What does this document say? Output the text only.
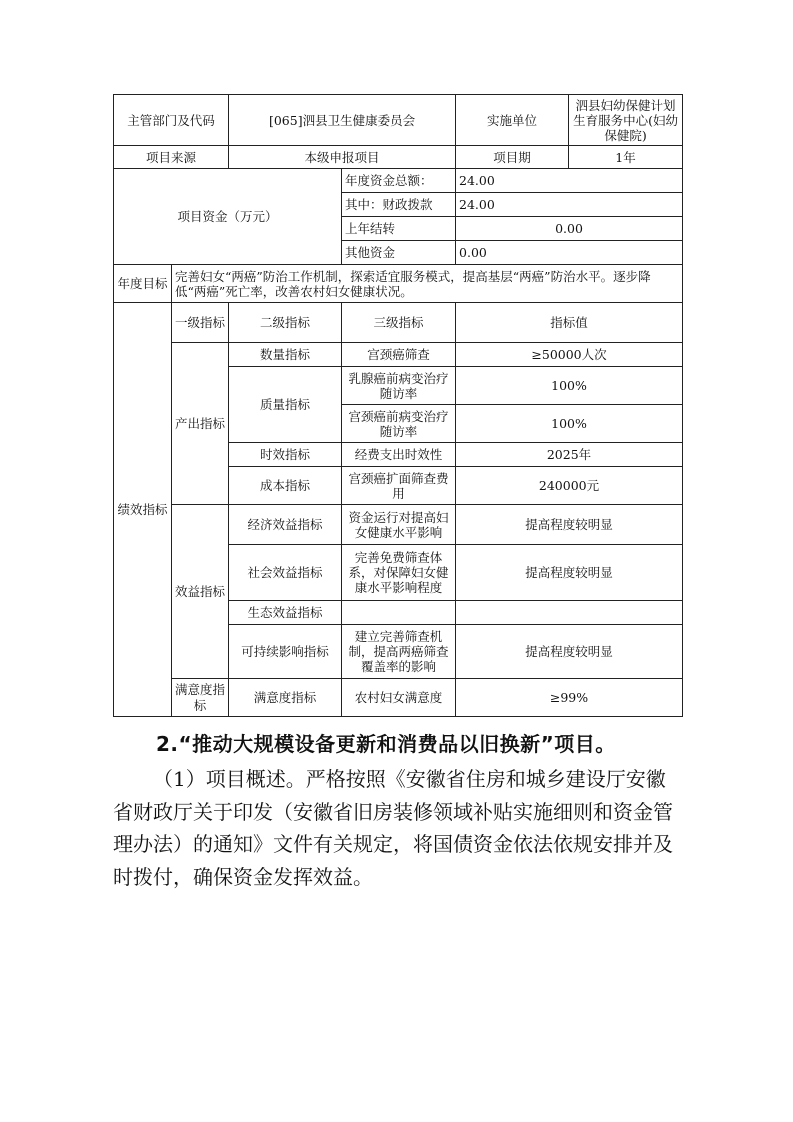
主管部门及代码		[065]泗县卫生健康委员会		实施单位	泗县妇幼保健计划生育服务中心(妇幼保健院)
项目来源		本级申报项目		项目期	1年
项目资金（万元）			年度资金总额：	24.00	
			其中：财政拨款	24.00	
			上年结转	0.00	
			其他资金	0.00	
年度目标	完善妇女“两癌”防治工作机制，探索适宜服务模式，提高基层“两癌”防治水平。逐步降低“两癌”死亡率，改善农村妇女健康状况。				
绩效指标	一级指标	二级指标	三级指标	指标值	
	产出指标	数量指标	宫颈癌筛查	≥50000人次	
		质量指标	乳腺癌前病变治疗随访率	100%	
			宫颈癌前病变治疗随访率	100%	
		时效指标	经费支出时效性	2025年	
		成本指标	宫颈癌扩面筛查费用	240000元	
	效益指标	经济效益指标	资金运行对提高妇女健康水平影响	提高程度较明显	
		社会效益指标	完善免费筛查体系，对保障妇女健康水平影响程度	提高程度较明显	
		生态效益指标			
		可持续影响指标	建立完善筛查机制，提高两癌筛查覆盖率的影响	提高程度较明显	
	满意度指标	满意度指标	农村妇女满意度	≥99%	
2.“推动大规模设备更新和消费品以旧换新”项目。

（1）项目概述。严格按照《安徽省住房和城乡建设厅安徽省财政厅关于印发（安徽省旧房装修领域补贴实施细则和资金管理办法）的通知》文件有关规定，将国债资金依法依规安排并及时拨付，确保资金发挥效益。
